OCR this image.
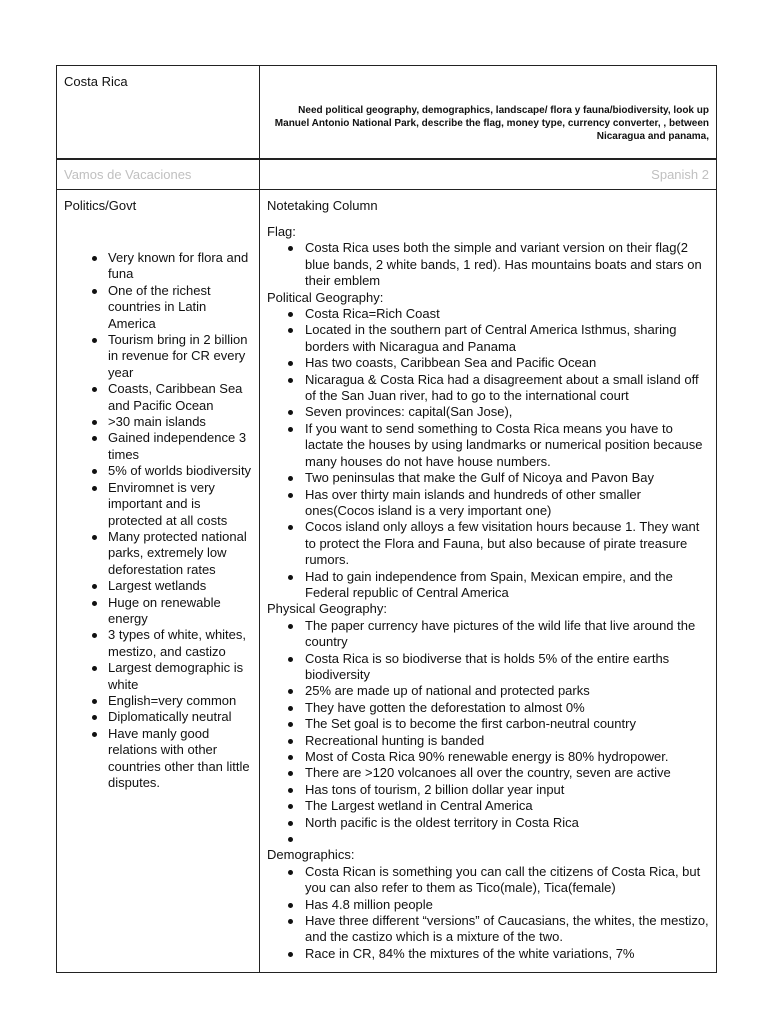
Costa Rica
Need political geography, demographics, landscape/ flora y fauna/biodiversity, look up Manuel Antonio National Park, describe the flag, money type, currency converter, , between Nicaragua and panama,
Vamos de Vacaciones	Spanish 2
Politics/Govt
Very known for flora and funa
One of the richest countries in Latin America
Tourism bring in 2 billion in revenue for CR every year
Coasts, Caribbean Sea and Pacific Ocean
>30 main islands
Gained independence 3 times
5% of worlds biodiversity
Enviromnet is very important and is protected at all costs
Many protected national parks, extremely low deforestation rates
Largest wetlands
Huge on renewable energy
3 types of white, whites, mestizo, and castizo
Largest demographic is white
English=very common
Diplomatically neutral
Have manly good relations with other countries other than little disputes.
Notetaking Column
Flag:
Costa Rica uses both the simple and variant version on their flag(2 blue bands, 2 white bands, 1 red). Has mountains boats and stars on their emblem
Political Geography:
Costa Rica=Rich Coast
Located in the southern part of Central America Isthmus, sharing borders with Nicaragua and Panama
Has two coasts, Caribbean Sea and Pacific Ocean
Nicaragua & Costa Rica had a disagreement about a small island off of the San Juan river, had to go to the international court
Seven provinces: capital(San Jose),
If you want to send something to Costa Rica means you have to lactate the houses by using landmarks or numerical position because many houses do not have house numbers.
Two peninsulas that make the Gulf of Nicoya and Pavon Bay
Has over thirty main islands and hundreds of other smaller ones(Cocos island is a very important one)
Cocos island only alloys a few visitation hours because 1. They want to protect the Flora and Fauna, but also because of pirate treasure rumors.
Had to gain independence from Spain, Mexican empire, and the Federal republic of Central America
Physical Geography:
The paper currency have pictures of the wild life that live around the country
Costa Rica is so biodiverse that is holds 5% of the entire earths biodiversity
25% are made up of national and protected parks
They have gotten the deforestation to almost 0%
The Set goal is to become the first carbon-neutral country
Recreational hunting is banded
Most of Costa Rica 90% renewable energy is 80% hydropower.
There are >120 volcanoes all over the country, seven are active
Has tons of tourism, 2 billion dollar year input
The Largest wetland in Central America
North pacific is the oldest territory in Costa Rica

Demographics:
Costa Rican is something you can call the citizens of Costa Rica, but you can also refer to them as Tico(male), Tica(female)
Has 4.8 million people
Have three different “versions” of Caucasians, the whites, the mestizo, and the castizo which is a mixture of the two.
Race in CR, 84% the mixtures of the white variations, 7%
